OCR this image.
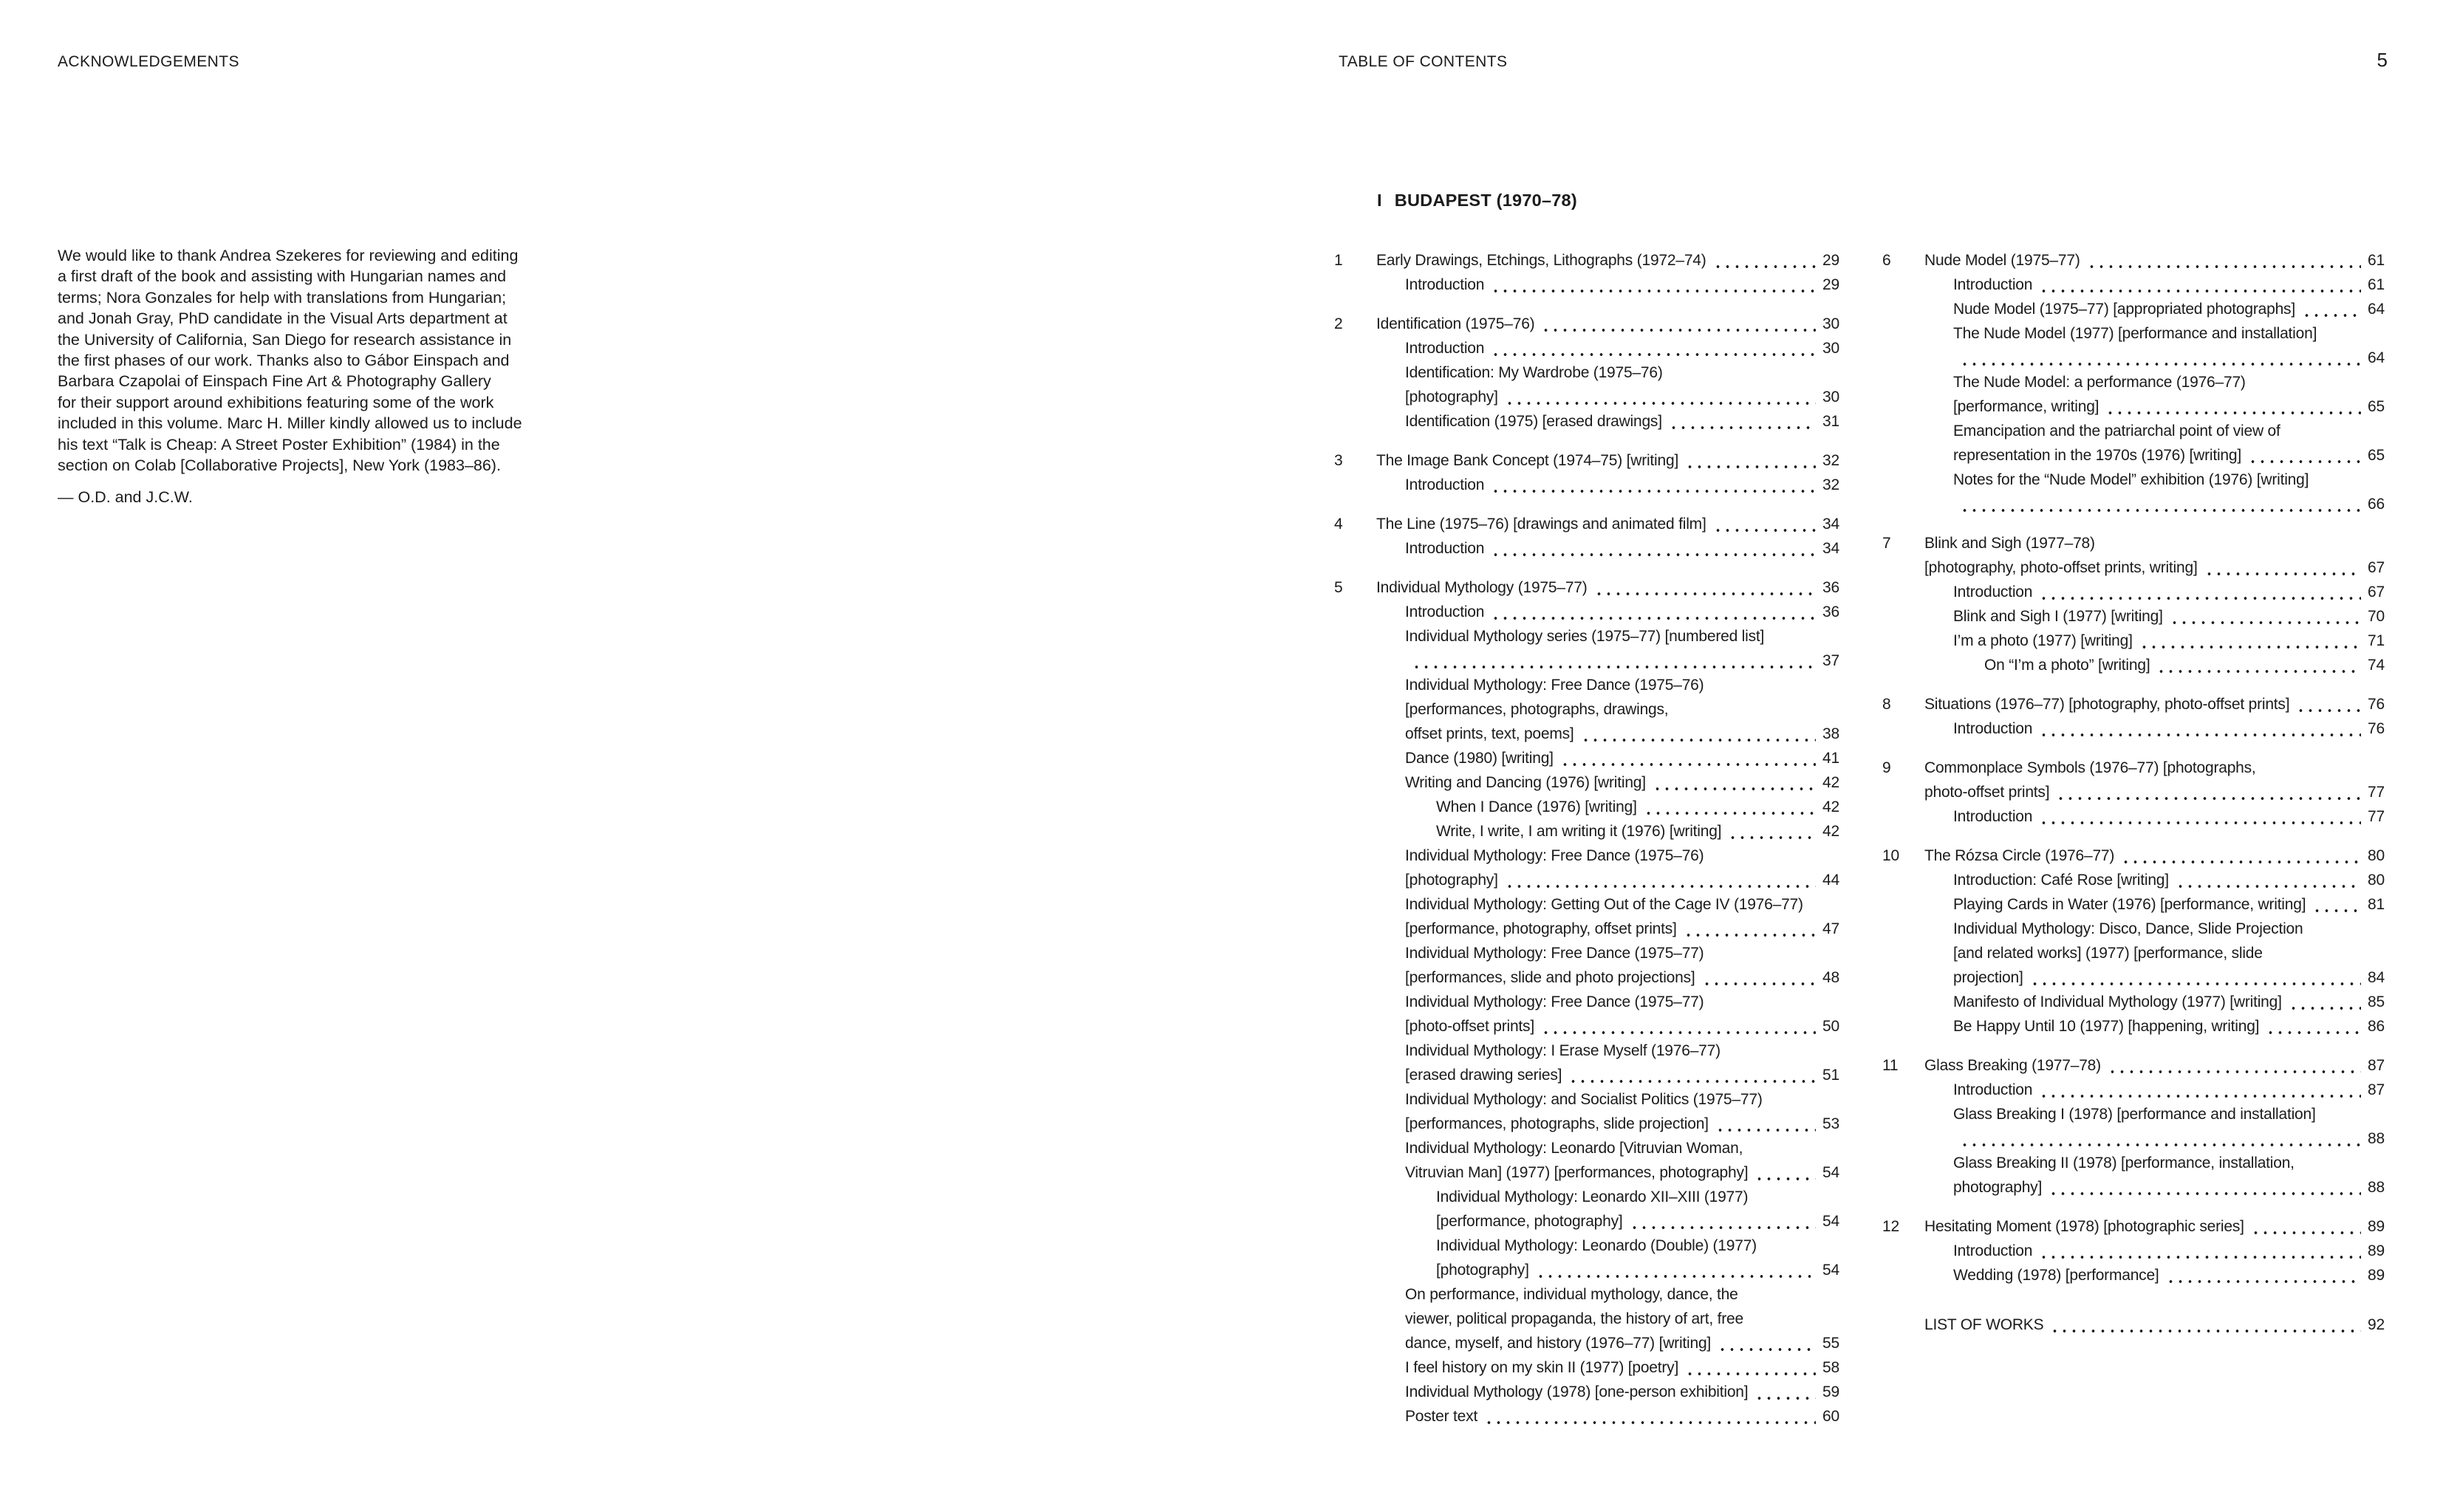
ACKNOWLEDGEMENTS
We would like to thank Andrea Szekeres for reviewing and editing
a first draft of the book and assisting with Hungarian names and
terms; Nora Gonzales for help with translations from Hungarian;
and Jonah Gray, PhD candidate in the Visual Arts department at
the University of California, San Diego for research assistance in
the first phases of our work. Thanks also to Gábor Einspach and
Barbara Czapolai of Einspach Fine Art & Photography Gallery
for their support around exhibitions featuring some of the work
included in this volume. Marc H. Miller kindly allowed us to include
his text “Talk is Cheap: A Street Poster Exhibition” (1984) in the
section on Colab [Collaborative Projects], New York (1983–86).
— O.D. and J.C.W.
TABLE OF CONTENTS	5
I BUDAPEST (1970–78)
1 Early Drawings, Etchings, Lithographs (1972–74)	29
Introduction	29
2 Identification (1975–76)	30
Introduction	30
Identification: My Wardrobe (1975–76)
[photography]	30
Identification (1975) [erased drawings]	31
3 The Image Bank Concept (1974–75) [writing]	32
Introduction	32
4 The Line (1975–76) [drawings and animated film]	34
Introduction	34
5 Individual Mythology (1975–77)	36
Introduction	36
Individual Mythology series (1975–77) [numbered list]
37
Individual Mythology: Free Dance (1975–76)
[performances, photographs, drawings,
offset prints, text, poems]	38
Dance (1980) [writing]	41
Writing and Dancing (1976) [writing]	42
When I Dance (1976) [writing]	42
Write, I write, I am writing it (1976) [writing]	42
Individual Mythology: Free Dance (1975–76)
[photography]	44
Individual Mythology: Getting Out of the Cage IV (1976–77)
[performance, photography, offset prints]	47
Individual Mythology: Free Dance (1975–77)
[performances, slide and photo projections]	48
Individual Mythology: Free Dance (1975–77)
[photo-offset prints]	50
Individual Mythology: I Erase Myself (1976–77)
[erased drawing series]	51
Individual Mythology: and Socialist Politics (1975–77)
[performances, photographs, slide projection]	53
Individual Mythology: Leonardo [Vitruvian Woman,
Vitruvian Man] (1977) [performances, photography]	54
Individual Mythology: Leonardo XII–XIII (1977)
[performance, photography]	54
Individual Mythology: Leonardo (Double) (1977)
[photography]	54
On performance, individual mythology, dance, the
viewer, political propaganda, the history of art, free
dance, myself, and history (1976–77) [writing]	55
I feel history on my skin II (1977) [poetry]	58
Individual Mythology (1978) [one-person exhibition]	59
Poster text	60
6 Nude Model (1975–77)	61
Introduction	61
Nude Model (1975–77) [appropriated photographs]	64
The Nude Model (1977) [performance and installation]
64
The Nude Model: a performance (1976–77)
[performance, writing]	65
Emancipation and the patriarchal point of view of
representation in the 1970s (1976) [writing]	65
Notes for the “Nude Model” exhibition (1976) [writing]
66
7 Blink and Sigh (1977–78)
[photography, photo-offset prints, writing]	67
Introduction	67
Blink and Sigh I (1977) [writing]	70
I’m a photo (1977) [writing]	71
On “I’m a photo” [writing]	74
8 Situations (1976–77) [photography, photo-offset prints]	76
Introduction	76
9 Commonplace Symbols (1976–77) [photographs,
photo-offset prints]	77
Introduction	77
10 The Rózsa Circle (1976–77)	80
Introduction: Café Rose [writing]	80
Playing Cards in Water (1976) [performance, writing]	81
Individual Mythology: Disco, Dance, Slide Projection
[and related works] (1977) [performance, slide
projection]	84
Manifesto of Individual Mythology (1977) [writing]	85
Be Happy Until 10 (1977) [happening, writing]	86
11 Glass Breaking (1977–78)	87
Introduction	87
Glass Breaking I (1978) [performance and installation]
88
Glass Breaking II (1978) [performance, installation,
photography]	88
12 Hesitating Moment (1978) [photographic series]	89
Introduction	89
Wedding (1978) [performance]	89
LIST OF WORKS	92
